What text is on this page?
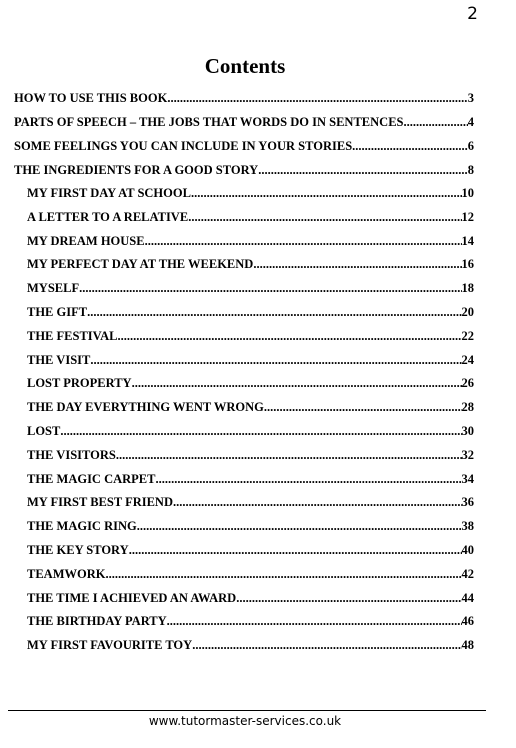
2
Contents
HOW TO USE THIS BOOK .....	3
PARTS OF SPEECH – THE JOBS THAT WORDS DO IN SENTENCES .....	4
SOME FEELINGS YOU CAN INCLUDE IN YOUR STORIES .....	6
THE INGREDIENTS FOR A GOOD STORY .....	8
MY FIRST DAY AT SCHOOL .....	10
A LETTER TO A RELATIVE .....	12
MY DREAM HOUSE .....	14
MY PERFECT DAY AT THE WEEKEND .....	16
MYSELF .....	18
THE GIFT .....	20
THE FESTIVAL .....	22
THE VISIT .....	24
LOST PROPERTY .....	26
THE DAY EVERYTHING WENT WRONG .....	28
LOST .....	30
THE VISITORS .....	32
THE MAGIC CARPET .....	34
MY FIRST BEST FRIEND .....	36
THE MAGIC RING .....	38
THE KEY STORY .....	40
TEAMWORK .....	42
THE TIME I ACHIEVED AN AWARD .....	44
THE BIRTHDAY PARTY .....	46
MY FIRST FAVOURITE TOY .....	48
www.tutormaster-services.co.uk
